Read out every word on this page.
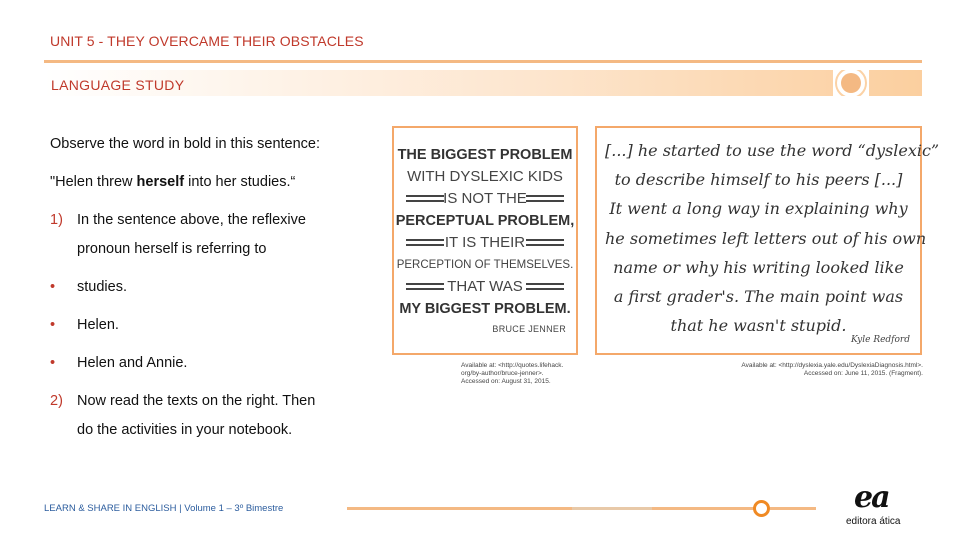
UNIT 5 - THEY OVERCAME THEIR OBSTACLES
LANGUAGE STUDY
Observe the word in bold in this sentence:
"Helen threw herself into her studies.“
1) In the sentence above, the reflexive
pronoun herself is referring to
• studies.
• Helen.
• Helen and Annie.
2) Now read the texts on the right. Then
do the activities in your notebook.
THE BIGGEST PROBLEM
WITH DYSLEXIC KIDS
IS NOT THE
PERCEPTUAL PROBLEM,
IT IS THEIR
PERCEPTION OF THEMSELVES.
THAT WAS
MY BIGGEST PROBLEM.
BRUCE JENNER
Available at: <http://quotes.lifehack.
org/by-author/bruce-jenner>.
Accessed on: August 31, 2015.
[...] he started to use the word “dyslexic”
to describe himself to his peers [...]
It went a long way in explaining why
he sometimes left letters out of his own
name or why his writing looked like
a first grader's. The main point was
that he wasn't stupid.
Kyle Redford
Available at: <http://dyslexia.yale.edu/DyslexiaDiagnosis.html>.
Accessed on: June 11, 2015. (Fragment).
LEARN & SHARE IN ENGLISH | Volume 1 – 3º Bimestre	ea
editora ática
